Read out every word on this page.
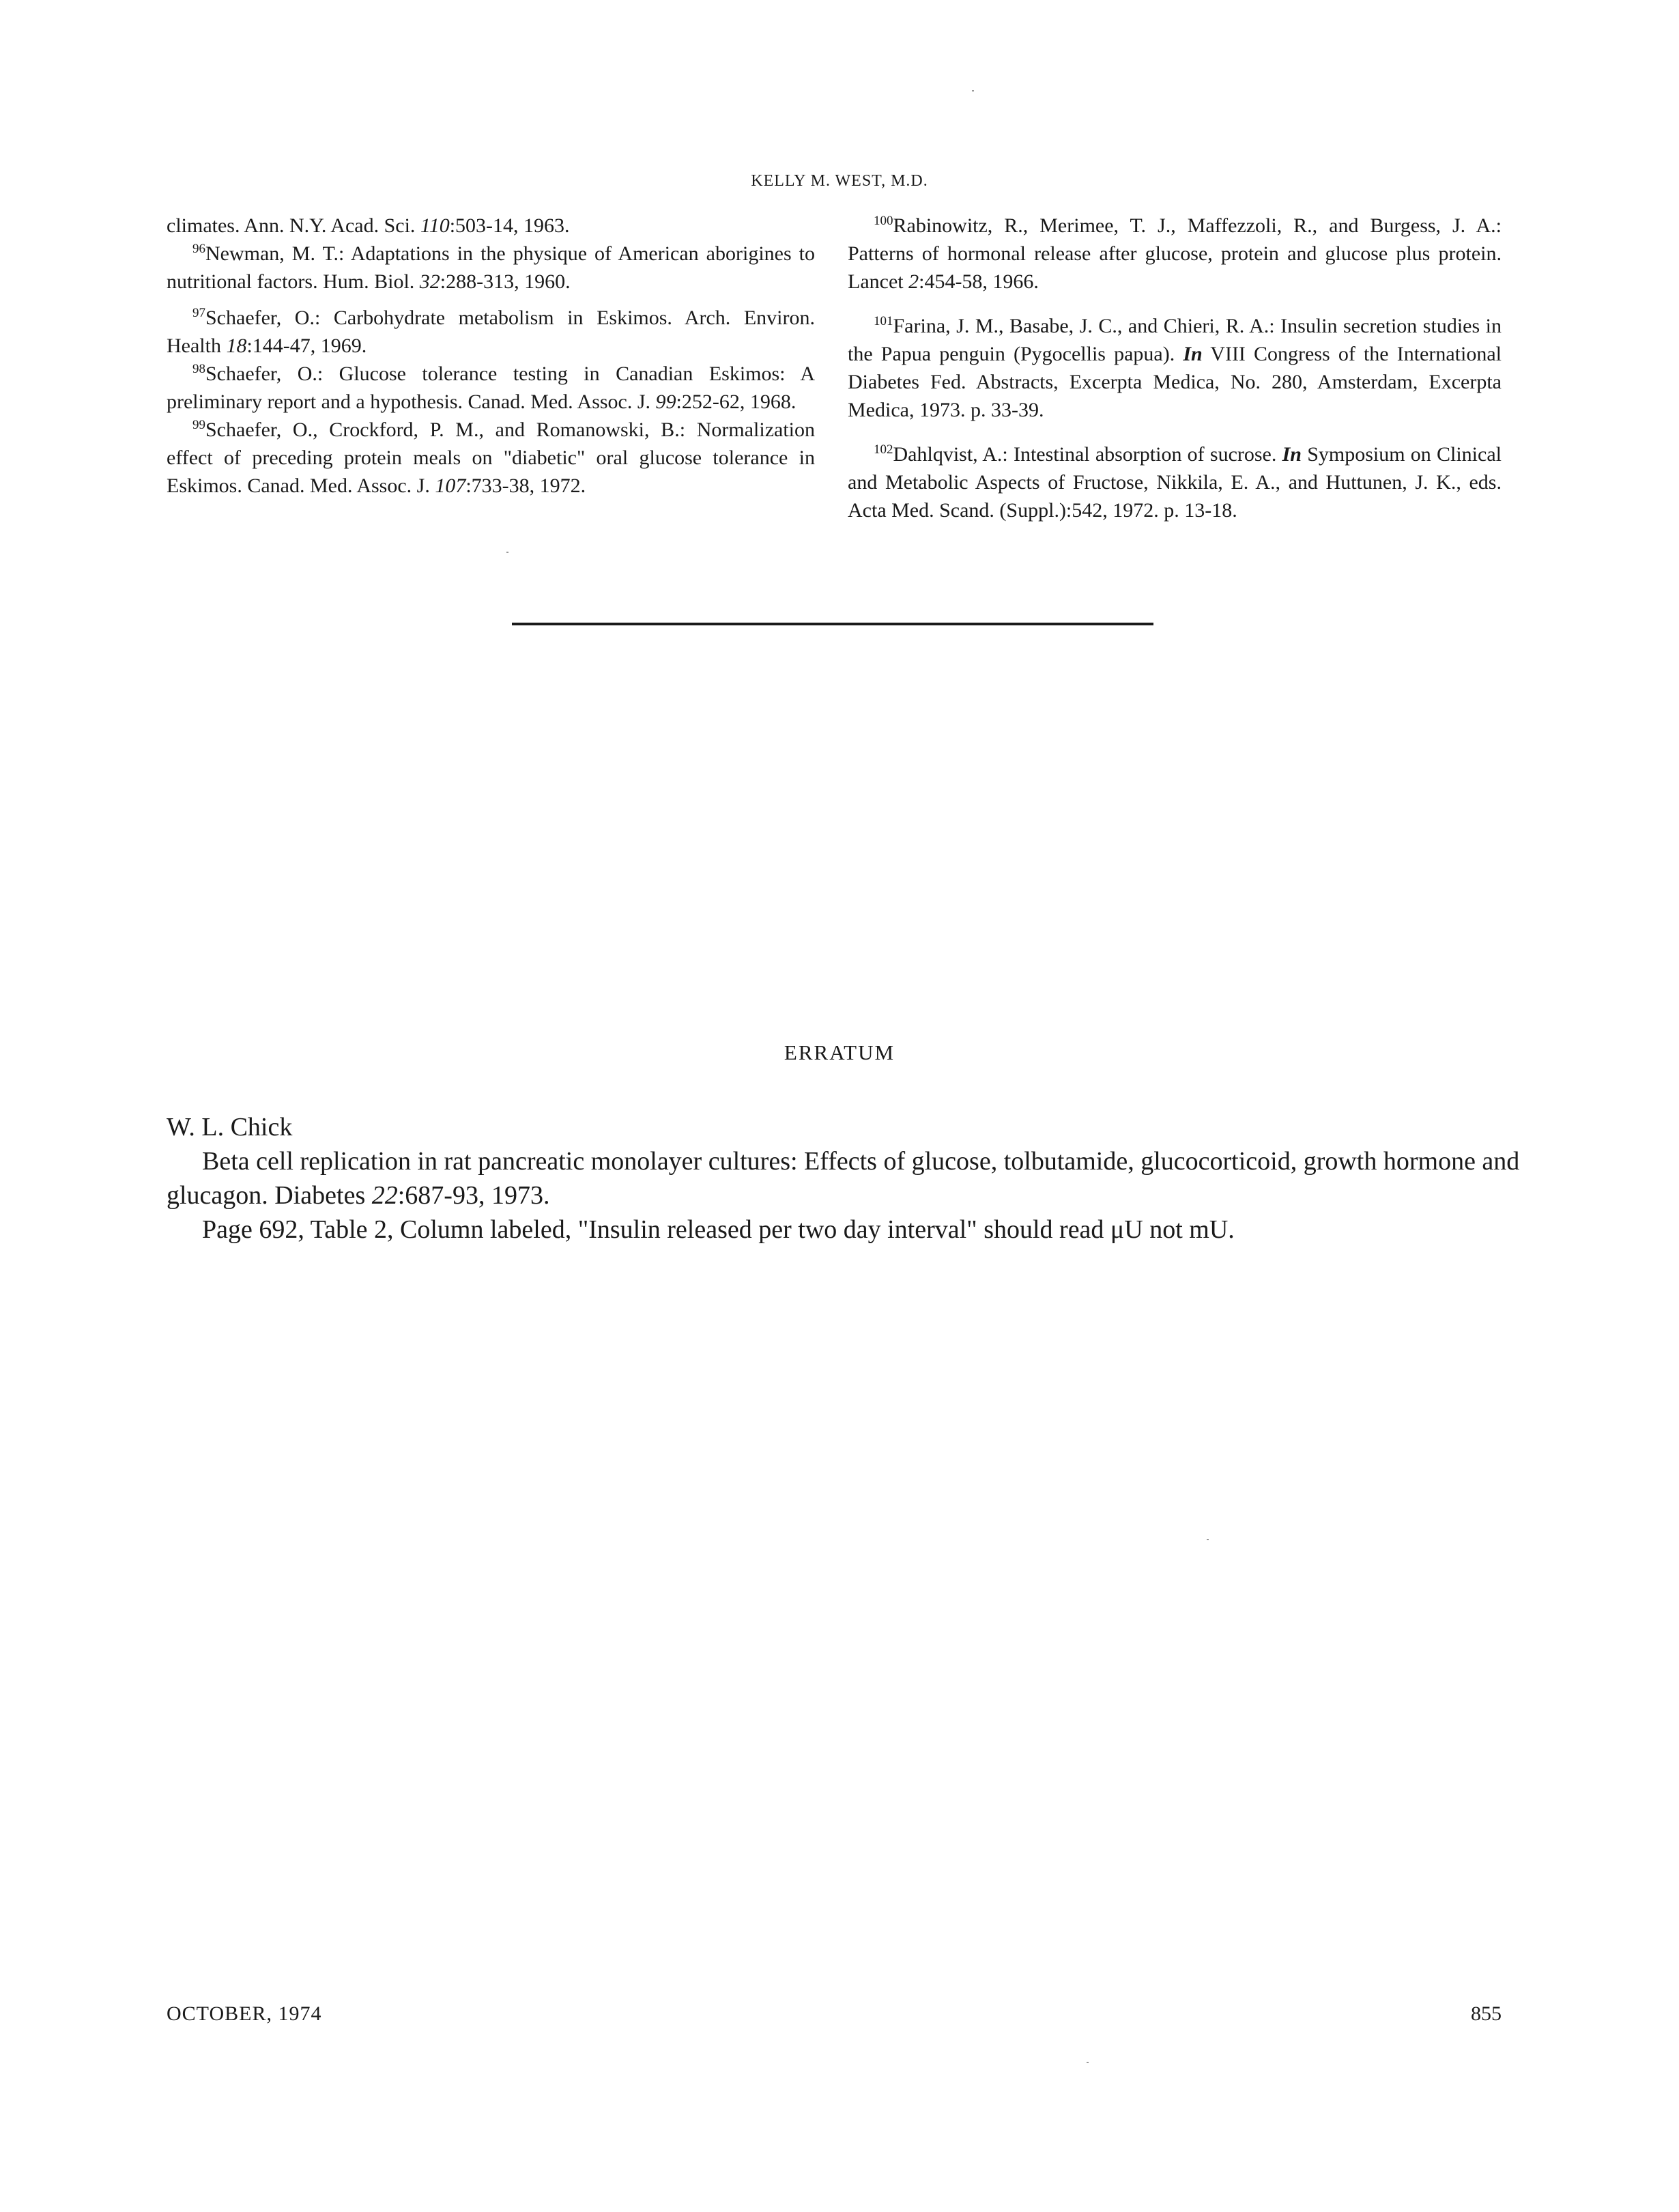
KELLY M. WEST, M.D.

climates. Ann. N.Y. Acad. Sci. 110:503-14, 1963.

$^{96}$Newman, M. T.: Adaptations in the physique of American aborigines to nutritional factors. Hum. Biol. 32:288-313, 1960.

$^{97}$Schaefer, O.: Carbohydrate metabolism in Eskimos. Arch. Environ. Health 18:144-47, 1969.

$^{98}$Schaefer, O.: Glucose tolerance testing in Canadian Eskimos: A preliminary report and a hypothesis. Canad. Med. Assoc. J. 99:252-62, 1968.

$^{99}$Schaefer, O., Crockford, P. M., and Romanowski, B.: Normalization effect of preceding protein meals on "diabetic" oral glucose tolerance in Eskimos. Canad. Med. Assoc. J. 107:733-38, 1972.

$^{100}$Rabinowitz, R., Merimee, T. J., Maffezzoli, R., and Burgess, J. A.: Patterns of hormonal release after glucose, protein and glucose plus protein. Lancet 2:454-58, 1966.

$^{101}$Farina, J. M., Basabe, J. C., and Chieri, R. A.: Insulin secretion studies in the Papua penguin (Pygocellis papua). In VIII Congress of the International Diabetes Fed. Abstracts, Excerpta Medica, No. 280, Amsterdam, Excerpta Medica, 1973. p. 33-39.

$^{102}$Dahlqvist, A.: Intestinal absorption of sucrose. In Symposium on Clinical and Metabolic Aspects of Fructose, Nikkila, E. A., and Huttunen, J. K., eds. Acta Med. Scand. (Suppl.):542, 1972. p. 13-18.

ERRATUM

W. L. Chick

Beta cell replication in rat pancreatic monolayer cultures: Effects of glucose, tolbutamide, glucocorticoid, growth hormone and glucagon. Diabetes 22:687-93, 1973.

Page 692, Table 2, Column labeled, "Insulin released per two day interval" should read μU not mU.

OCTOBER, 1974	855
